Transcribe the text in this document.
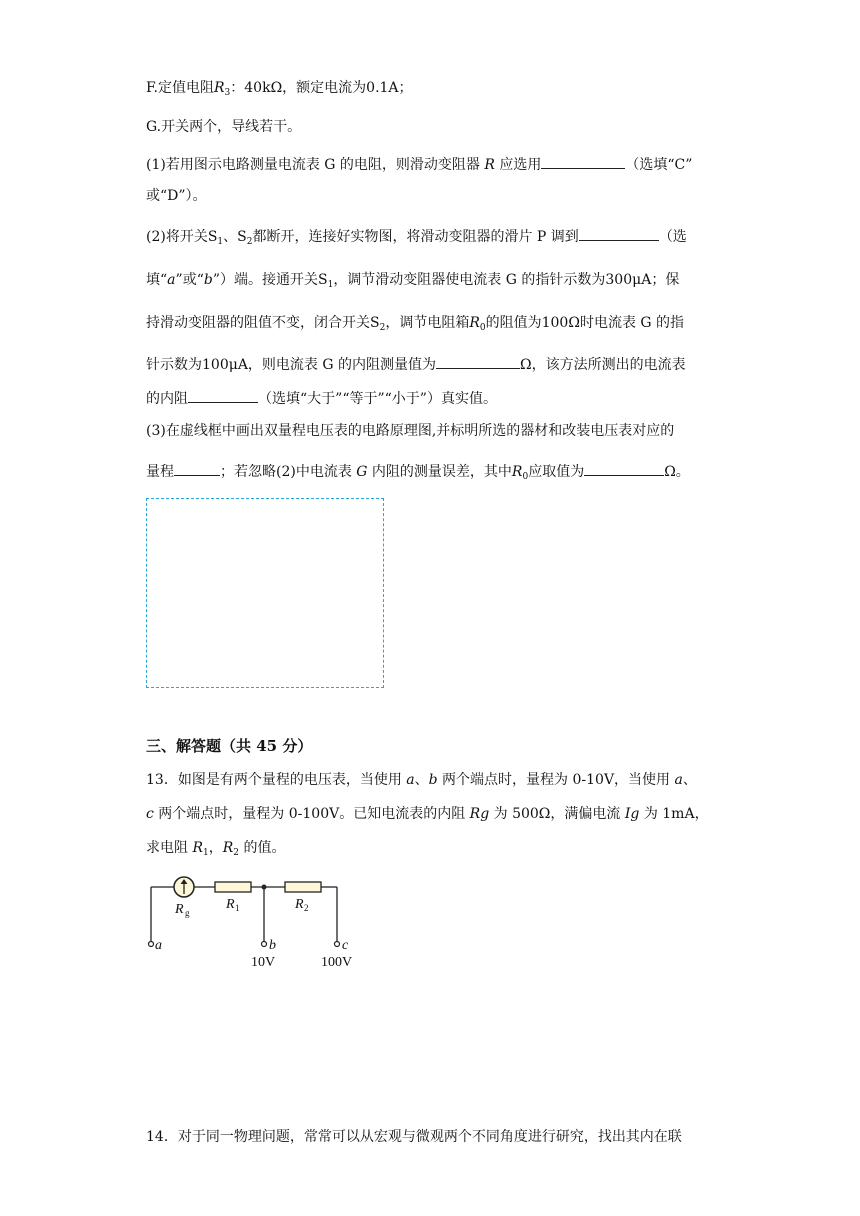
F.定值电阻$R_3$：40kΩ，额定电流为0.1A；
G.开关两个，导线若干。
(1)若用图示电路测量电流表 G 的电阻，则滑动变阻器 R 应选用	（选填“C”
或“D”）。
(2)将开关$S_1$、$S_2$都断开，连接好实物图，将滑动变阻器的滑片 P 调到	（选
填“a”或“b”）端。接通开关$S_1$，调节滑动变阻器使电流表 G 的指针示数为300μA；保
持滑动变阻器的阻值不变，闭合开关$S_2$，调节电阻箱$R_0$的阻值为100Ω时电流表 G 的指
针示数为100μA，则电流表 G 的内阻测量值为	Ω，该方法所测出的电流表
的内阻	（选填“大于”“等于”“小于”）真实值。
(3)在虚线框中画出双量程电压表的电路原理图,并标明所选的器材和改装电压表对应的
量程	；若忽略(2)中电流表 G 内阻的测量误差，其中$R_0$应取值为	Ω。
三、解答题（共 45 分）
13．如图是有两个量程的电压表，当使用 a、b 两个端点时，量程为 0-10V，当使用 a、
c 两个端点时，量程为 0-100V。已知电流表的内阻 Rg 为 500Ω，满偏电流 Ig 为 1mA，
求电阻 $R_1$，$R_2$ 的值。
R g
R 1	R 2
a	b	c
10V	100V
14．对于同一物理问题，常常可以从宏观与微观两个不同角度进行研究，找出其内在联
